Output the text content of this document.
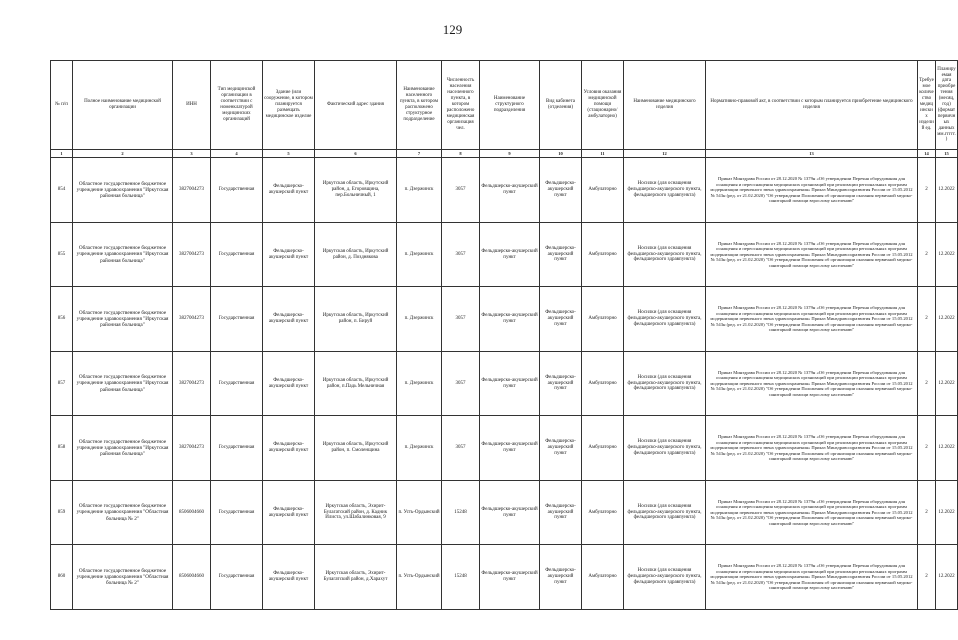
129
№ п/п	Полное наименование медицинской организации	ИНН	Тип медицинской организации в соответствии с номенклатурой медицинских организаций	Здание (или сооружение, в котором планируется размещать медицинское изделие	Фактический адрес здания	Наименование населенного пункта, в котором расположено структурное подразделение	Численность населения населенного пункта, в котором расположено медицинская организация чел.	Наименование структурного подразделения	Вид кабинета (отделения)	Условия оказания медицинской помощи (стационарно/амбулаторно)	Наименование медицинского изделия	Нормативно-правовой акт, в соответствии с которым планируется приобретение медицинского изделия	Требуемое количество медицинских изделий ед.	Планируемая дата приобретения (месяц, год) (формат первичных данных мм.ггггг.)
1	2	3	4	5	6	7	8	9	10	11	12	13	14	15
854	Областное государственное бюджетное учреждение здравоохранения "Иркутская районная больница"	3827004273	Государственная	Фельдшерско-акушерский пункт	Иркутская область, Иркутский район, д. Егоровщина, пер.Больничный, 1	п. Дзержинск	3057	Фельдшерско-акушерский пункт	Фельдшерско-акушерский пункт	Амбулаторно	Носилки (для оснащения фельдшерско-акушерского пункта, фельдшерского здравпункта)	Приказ Минздрава России от 28.12.2020 № 1379н «Об утверждении Перечня оборудования для оснащения и переоснащения медицинских организаций при реализации региональных программ модернизации первичного звена здравоохранения» Приказ Минздравсоцразвития России от 15.05.2012 № 543н (ред. от 21.02.2020) "Об утверждении Положения об организации оказания первичной медико-санитарной помощи взрослому населению"	2	12.2022
855	Областное государственное бюджетное учреждение здравоохранения "Иркутская районная больница"	3827004273	Государственная	Фельдшерско-акушерский пункт	Иркутская область, Иркутский район, д. Позднякова	п. Дзержинск	3057	Фельдшерско-акушерский пункт	Фельдшерско-акушерский пункт	Амбулаторно	Носилки (для оснащения фельдшерско-акушерского пункта, фельдшерского здравпункта)	Приказ Минздрава России от 28.12.2020 № 1379н «Об утверждении Перечня оборудования для оснащения и переоснащения медицинских организаций при реализации региональных программ модернизации первичного звена здравоохранения» Приказ Минздравсоцразвития России от 15.05.2012 № 543н (ред. от 21.02.2020) "Об утверждении Положения об организации оказания первичной медико-санитарной помощи взрослому населению"	2	12.2022
856	Областное государственное бюджетное учреждение здравоохранения "Иркутская районная больница"	3827004273	Государственная	Фельдшерско-акушерский пункт	Иркутская область, Иркутский район, п. Бируй	п. Дзержинск	3057	Фельдшерско-акушерский пункт	Фельдшерско-акушерский пункт	Амбулаторно	Носилки (для оснащения фельдшерско-акушерского пункта, фельдшерского здравпункта)	Приказ Минздрава России от 28.12.2020 № 1379н «Об утверждении Перечня оборудования для оснащения и переоснащения медицинских организаций при реализации региональных программ модернизации первичного звена здравоохранения» Приказ Минздравсоцразвития России от 15.05.2012 № 543н (ред. от 21.02.2020) "Об утверждении Положения об организации оказания первичной медико-санитарной помощи взрослому населению"	2	12.2022
857	Областное государственное бюджетное учреждение здравоохранения "Иркутская районная больница"	3827004273	Государственная	Фельдшерско-акушерский пункт	Иркутская область, Иркутский район, п.Падь Мельничная	п. Дзержинск	3057	Фельдшерско-акушерский пункт	Фельдшерско-акушерский пункт	Амбулаторно	Носилки (для оснащения фельдшерско-акушерского пункта, фельдшерского здравпункта)	Приказ Минздрава России от 28.12.2020 № 1379н «Об утверждении Перечня оборудования для оснащения и переоснащения медицинских организаций при реализации региональных программ модернизации первичного звена здравоохранения» Приказ Минздравсоцразвития России от 15.05.2012 № 543н (ред. от 21.02.2020) "Об утверждении Положения об организации оказания первичной медико-санитарной помощи взрослому населению"	2	12.2022
858	Областное государственное бюджетное учреждение здравоохранения "Иркутская районная больница"	3827004273	Государственная	Фельдшерско-акушерский пункт	Иркутская область, Иркутский район, п. Смоленщина	п. Дзержинск	3057	Фельдшерско-акушерский пункт	Фельдшерско-акушерский пункт	Амбулаторно	Носилки (для оснащения фельдшерско-акушерского пункта, фельдшерского здравпункта)	Приказ Минздрава России от 28.12.2020 № 1379н «Об утверждении Перечня оборудования для оснащения и переоснащения медицинских организаций при реализации региональных программ модернизации первичного звена здравоохранения» Приказ Минздравсоцразвития России от 15.05.2012 № 543н (ред. от 21.02.2020) "Об утверждении Положения об организации оказания первичной медико-санитарной помощи взрослому населению"	2	12.2022
859	Областное государственное бюджетное учреждение здравоохранения "Областная больница № 2"	8506004660	Государственная	Фельдшерско-акушерский пункт	Иркутская область, Эхирит-Булагатский район, д. Кадник Илиста, ул.Шабалинковая, 9	п. Усть-Ордынский	15248	Фельдшерско-акушерский пункт	Фельдшерско-акушерский пункт	Амбулаторно	Носилки (для оснащения фельдшерско-акушерского пункта, фельдшерского здравпункта)	Приказ Минздрава России от 28.12.2020 № 1379н «Об утверждении Перечня оборудования для оснащения и переоснащения медицинских организаций при реализации региональных программ модернизации первичного звена здравоохранения» Приказ Минздравсоцразвития России от 15.05.2012 № 543н (ред. от 21.02.2020) "Об утверждении Положения об организации оказания первичной медико-санитарной помощи взрослому населению"	2	12.2022
860	Областное государственное бюджетное учреждение здравоохранения "Областная больница № 2"	8506004660	Государственная	Фельдшерско-акушерский пункт	Иркутская область, Эхирит-Булагатский район, д.Харахут	п. Усть-Ордынский	15248	Фельдшерско-акушерский пункт	Фельдшерско-акушерский пункт	Амбулаторно	Носилки (для оснащения фельдшерско-акушерского пункта, фельдшерского здравпункта)	Приказ Минздрава России от 28.12.2020 № 1379н «Об утверждении Перечня оборудования для оснащения и переоснащения медицинских организаций при реализации региональных программ модернизации первичного звена здравоохранения» Приказ Минздравсоцразвития России от 15.05.2012 № 543н (ред. от 21.02.2020) "Об утверждении Положения об организации оказания первичной медико-санитарной помощи взрослому населению"	2	12.2022
